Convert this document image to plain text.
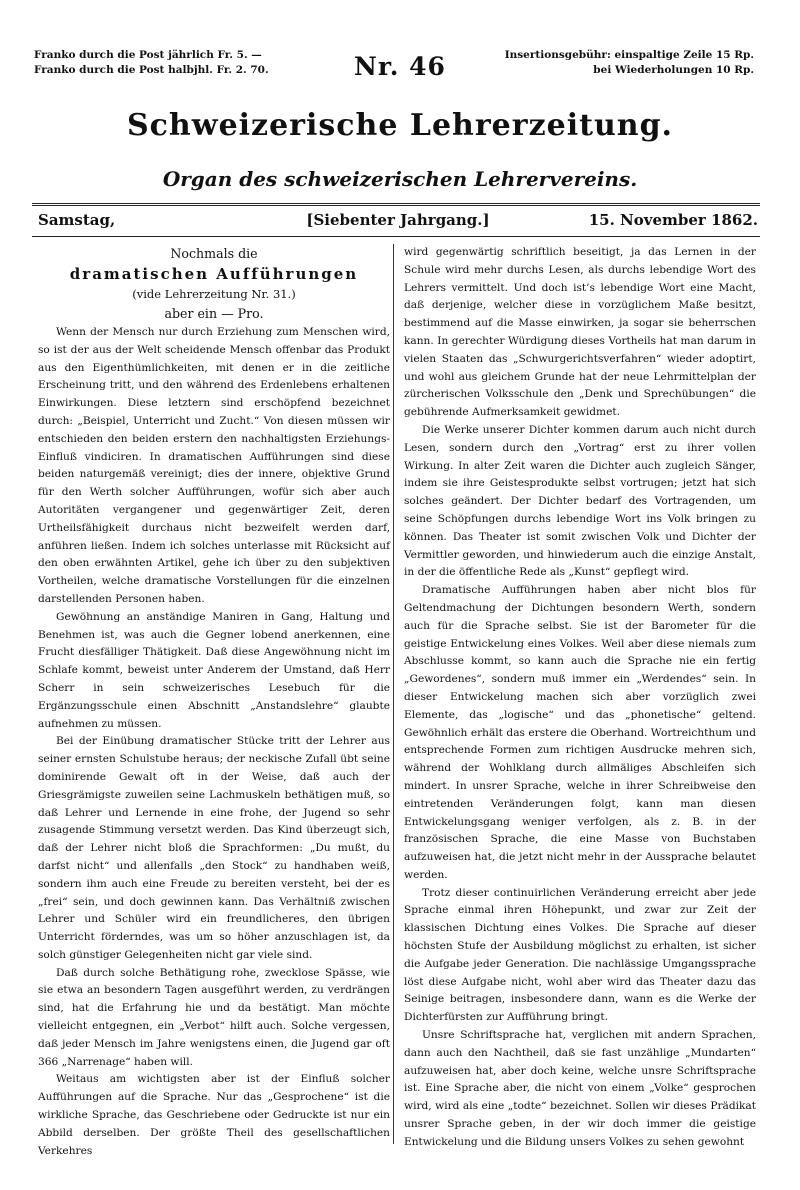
Franko durch die Post jährlich Fr. 5. —
Franko durch die Post halbjhl. Fr. 2. 70.	Nr. 46	Insertionsgebühr: einspaltige Zeile 15 Rp.
bei Wiederholungen 10 Rp.
Schweizerische Lehrerzeitung.
Organ des schweizerischen Lehrervereins.
Samstag,	[Siebenter Jahrgang.]	15. November 1862.
Nochmals die
dramatischen Aufführungen
(vide Lehrerzeitung Nr. 31.)
aber ein — Pro.

Wenn der Mensch nur durch Erziehung zum Menschen wird, so ist der aus der Welt scheidende Mensch offenbar das Produkt aus den Eigenthümlichkeiten, mit denen er in die zeitliche Erscheinung tritt, und den während des Erdenlebens erhaltenen Einwirkungen. Diese letztern sind erschöpfend bezeichnet durch: „Beispiel, Unterricht und Zucht.“ Von diesen müssen wir entschieden den beiden erstern den nachhaltigsten Erziehungs-Einfluß vindiciren. In dramatischen Aufführungen sind diese beiden naturgemäß vereinigt; dies der innere, objektive Grund für den Werth solcher Aufführungen, wofür sich aber auch Autoritäten vergangener und gegenwärtiger Zeit, deren Urtheilsfähigkeit durchaus nicht bezweifelt werden darf, anführen ließen. Indem ich solches unterlasse mit Rücksicht auf den oben erwähnten Artikel, gehe ich über zu den subjektiven Vortheilen, welche dramatische Vorstellungen für die einzelnen darstellenden Personen haben.

Gewöhnung an anständige Maniren in Gang, Haltung und Benehmen ist, was auch die Gegner lobend anerkennen, eine Frucht diesfälliger Thätigkeit. Daß diese Angewöhnung nicht im Schlafe kommt, beweist unter Anderem der Umstand, daß Herr Scherr in sein schweizerisches Lesebuch für die Ergänzungsschule einen Abschnitt „Anstandslehre“ glaubte aufnehmen zu müssen.

Bei der Einübung dramatischer Stücke tritt der Lehrer aus seiner ernsten Schulstube heraus; der neckische Zufall übt seine dominirende Gewalt oft in der Weise, daß auch der Griesgrämigste zuweilen seine Lachmuskeln bethätigen muß, so daß Lehrer und Lernende in eine frohe, der Jugend so sehr zusagende Stimmung versetzt werden. Das Kind überzeugt sich, daß der Lehrer nicht bloß die Sprachformen: „Du mußt, du darfst nicht“ und allenfalls „den Stock“ zu handhaben weiß, sondern ihm auch eine Freude zu bereiten versteht, bei der es „frei“ sein, und doch gewinnen kann. Das Verhältniß zwischen Lehrer und Schüler wird ein freundlicheres, den übrigen Unterricht förderndes, was um so höher anzuschlagen ist, da solch günstiger Gelegenheiten nicht gar viele sind.

Daß durch solche Bethätigung rohe, zwecklose Spässe, wie sie etwa an besondern Tagen ausgeführt werden, zu verdrängen sind, hat die Erfahrung hie und da bestätigt. Man möchte vielleicht entgegnen, ein „Verbot“ hilft auch. Solche vergessen, daß jeder Mensch im Jahre wenigstens einen, die Jugend gar oft 366 „Narrenage“ haben will.

Weitaus am wichtigsten aber ist der Einfluß solcher Aufführungen auf die Sprache. Nur das „Gesprochene“ ist die wirkliche Sprache, das Geschriebene oder Gedruckte ist nur ein Abbild derselben. Der größte Theil des gesellschaftlichen Verkehres

wird gegenwärtig schriftlich beseitigt, ja das Lernen in der Schule wird mehr durchs Lesen, als durchs lebendige Wort des Lehrers vermittelt. Und doch ist’s lebendige Wort eine Macht, daß derjenige, welcher diese in vorzüglichem Maße besitzt, bestimmend auf die Masse einwirken, ja sogar sie beherrschen kann. In gerechter Würdigung dieses Vortheils hat man darum in vielen Staaten das „Schwurgerichtsverfahren“ wieder adoptirt, und wohl aus gleichem Grunde hat der neue Lehrmittelplan der zürcherischen Volksschule den „Denk und Sprechübungen“ die gebührende Aufmerksamkeit gewidmet.

Die Werke unserer Dichter kommen darum auch nicht durch Lesen, sondern durch den „Vortrag“ erst zu ihrer vollen Wirkung. In alter Zeit waren die Dichter auch zugleich Sänger, indem sie ihre Geistesprodukte selbst vortrugen; jetzt hat sich solches geändert. Der Dichter bedarf des Vortragenden, um seine Schöpfungen durchs lebendige Wort ins Volk bringen zu können. Das Theater ist somit zwischen Volk und Dichter der Vermittler geworden, und hinwiederum auch die einzige Anstalt, in der die öffentliche Rede als „Kunst“ gepflegt wird.

Dramatische Aufführungen haben aber nicht blos für Geltendmachung der Dichtungen besondern Werth, sondern auch für die Sprache selbst. Sie ist der Barometer für die geistige Entwickelung eines Volkes. Weil aber diese niemals zum Abschlusse kommt, so kann auch die Sprache nie ein fertig „Gewordenes“, sondern muß immer ein „Werdendes“ sein. In dieser Entwickelung machen sich aber vorzüglich zwei Elemente, das „logische“ und das „phonetische“ geltend. Gewöhnlich erhält das erstere die Oberhand. Wortreichthum und entsprechende Formen zum richtigen Ausdrucke mehren sich, während der Wohlklang durch allmäliges Abschleifen sich mindert. In unsrer Sprache, welche in ihrer Schreibweise den eintretenden Veränderungen folgt, kann man diesen Entwickelungsgang weniger verfolgen, als z. B. in der französischen Sprache, die eine Masse von Buchstaben aufzuweisen hat, die jetzt nicht mehr in der Aussprache belautet werden.

Trotz dieser continuirlichen Veränderung erreicht aber jede Sprache einmal ihren Höhepunkt, und zwar zur Zeit der klassischen Dichtung eines Volkes. Die Sprache auf dieser höchsten Stufe der Ausbildung möglichst zu erhalten, ist sicher die Aufgabe jeder Generation. Die nachlässige Umgangssprache löst diese Aufgabe nicht, wohl aber wird das Theater dazu das Seinige beitragen, insbesondere dann, wann es die Werke der Dichterfürsten zur Aufführung bringt.

Unsre Schriftsprache hat, verglichen mit andern Sprachen, dann auch den Nachtheil, daß sie fast unzählige „Mundarten“ aufzuweisen hat, aber doch keine, welche unsre Schriftsprache ist. Eine Sprache aber, die nicht von einem „Volke“ gesprochen wird, wird als eine „todte“ bezeichnet. Sollen wir dieses Prädikat unsrer Sprache geben, in der wir doch immer die geistige Entwickelung und die Bildung unsers Volkes zu sehen gewohnt
